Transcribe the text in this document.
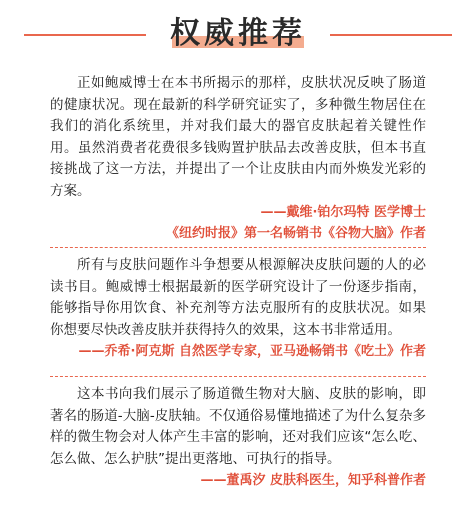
权威推荐

正如鲍威博士在本书所揭示的那样，皮肤状况反映了肠道的健康状况。现在最新的科学研究证实了，多种微生物居住在我们的消化系统里，并对我们最大的器官皮肤起着关键性作用。虽然消费者花费很多钱购置护肤品去改善皮肤，但本书直接挑战了这一方法，并提出了一个让皮肤由内而外焕发光彩的方案。

——戴维·铂尔玛特 医学博士
《纽约时报》第一名畅销书《谷物大脑》作者

所有与皮肤问题作斗争想要从根源解决皮肤问题的人的必读书目。鲍威博士根据最新的医学研究设计了一份逐步指南，能够指导你用饮食、补充剂等方法克服所有的皮肤状况。如果你想要尽快改善皮肤并获得持久的效果，这本书非常适用。

——乔希·阿克斯 自然医学专家，亚马逊畅销书《吃土》作者

这本书向我们展示了肠道微生物对大脑、皮肤的影响，即著名的肠道-大脑-皮肤轴。不仅通俗易懂地描述了为什么复杂多样的微生物会对人体产生丰富的影响，还对我们应该“怎么吃、怎么做、怎么护肤”提出更落地、可执行的指导。

——董禹汐 皮肤科医生，知乎科普作者
